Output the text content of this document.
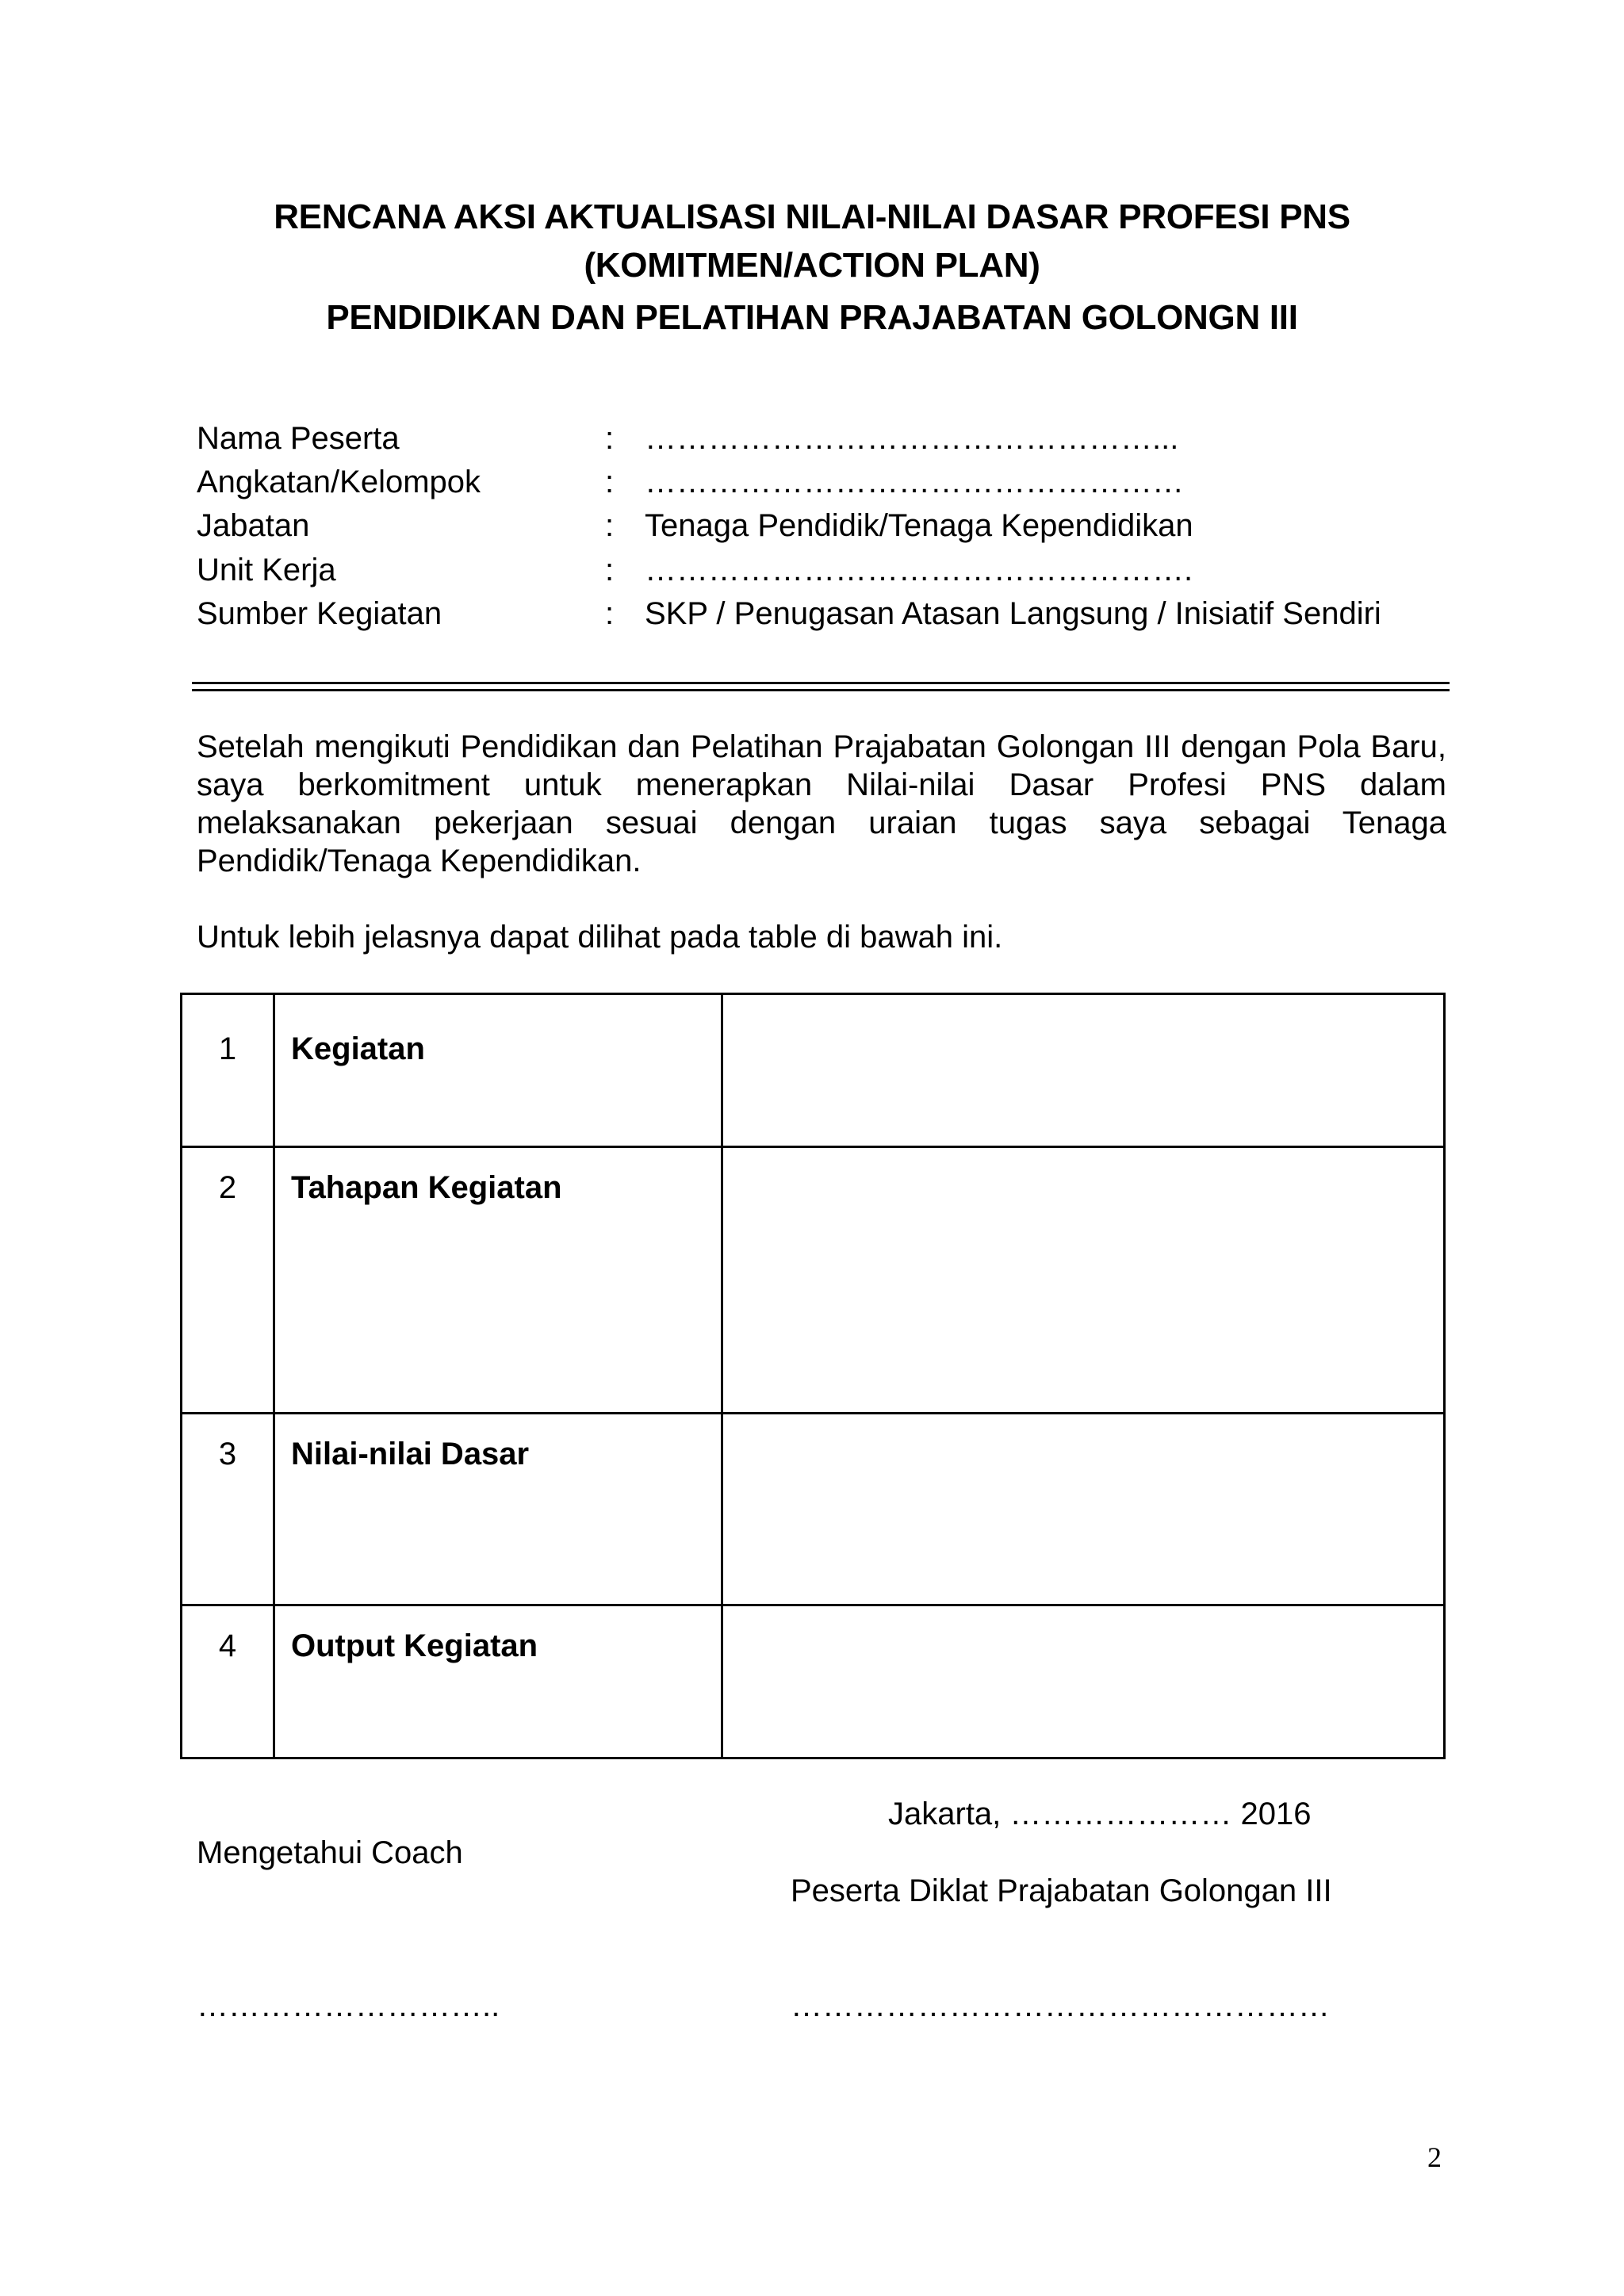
RENCANA AKSI AKTUALISASI NILAI-NILAI DASAR PROFESI PNS
(KOMITMEN/ACTION PLAN)
PENDIDIKAN DAN PELATIHAN PRAJABATAN GOLONGN III
Nama Peserta	: …………………………………………...
Angkatan/Kelompok	: ……………………………………………
Jabatan	: Tenaga Pendidik/Tenaga Kependidikan
Unit Kerja	: …………………………………………….
Sumber Kegiatan	: SKP / Penugasan Atasan Langsung / Inisiatif Sendiri
Setelah mengikuti Pendidikan dan Pelatihan Prajabatan Golongan III dengan Pola Baru, saya berkomitment untuk menerapkan Nilai-nilai Dasar Profesi PNS dalam melaksanakan pekerjaan sesuai dengan uraian tugas saya sebagai Tenaga Pendidik/Tenaga Kependidikan.
Untuk lebih jelasnya dapat dilihat pada table di bawah ini.
1	Kegiatan	

2	Tahapan Kegiatan	

3	Nilai-nilai Dasar	

4	Output Kegiatan	

Jakarta, ………………… 2016
Mengetahui Coach
Peserta Diklat Prajabatan Golongan III
………………………..	……………………………………………
2
